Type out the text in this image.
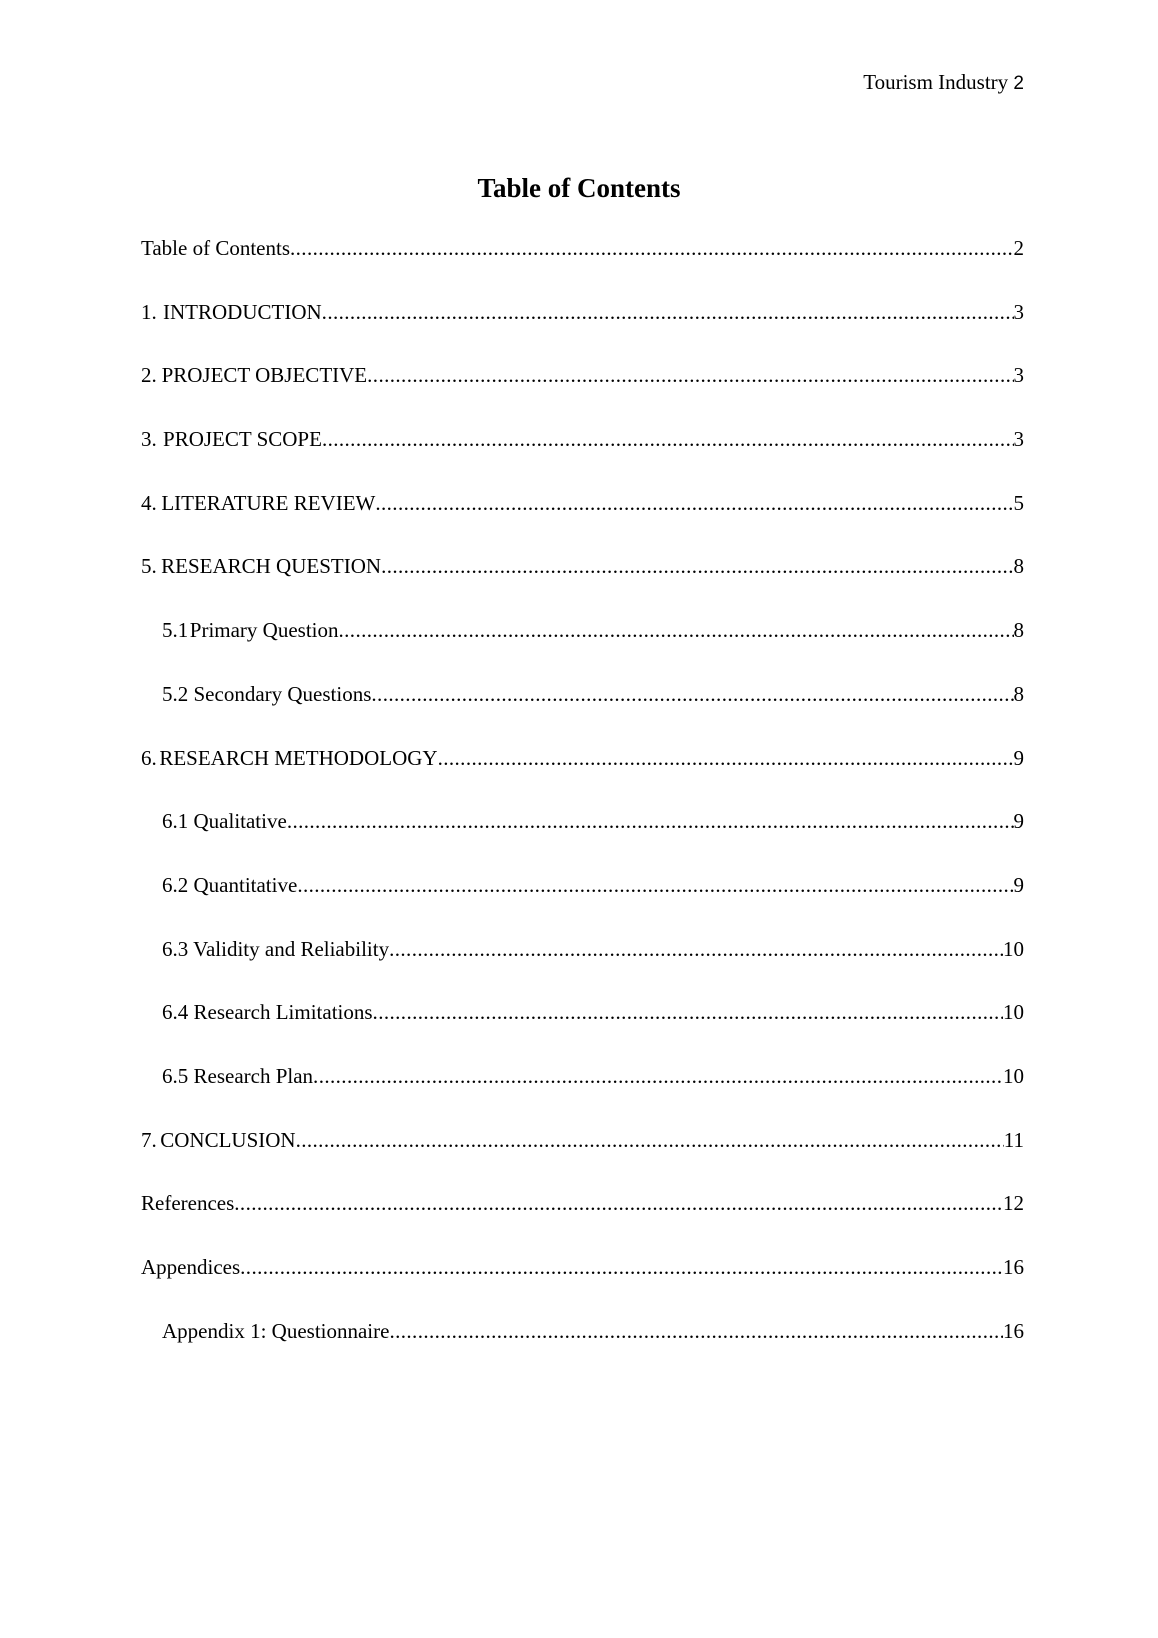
Tourism Industry 2
Table of Contents
Table of Contents .....	2
1. INTRODUCTION .....	3
2. PROJECT OBJECTIVE .....	3
3. PROJECT SCOPE .....	3
4. LITERATURE REVIEW .....	5
5. RESEARCH QUESTION .....	8
5.1 Primary Question .....	8
5.2 Secondary Questions .....	8
6. RESEARCH METHODOLOGY .....	9
6.1 Qualitative .....	9
6.2 Quantitative .....	9
6.3 Validity and Reliability .....	10
6.4 Research Limitations .....	10
6.5 Research Plan .....	10
7. CONCLUSION .....	11
References .....	12
Appendices .....	16
Appendix 1: Questionnaire .....	16
